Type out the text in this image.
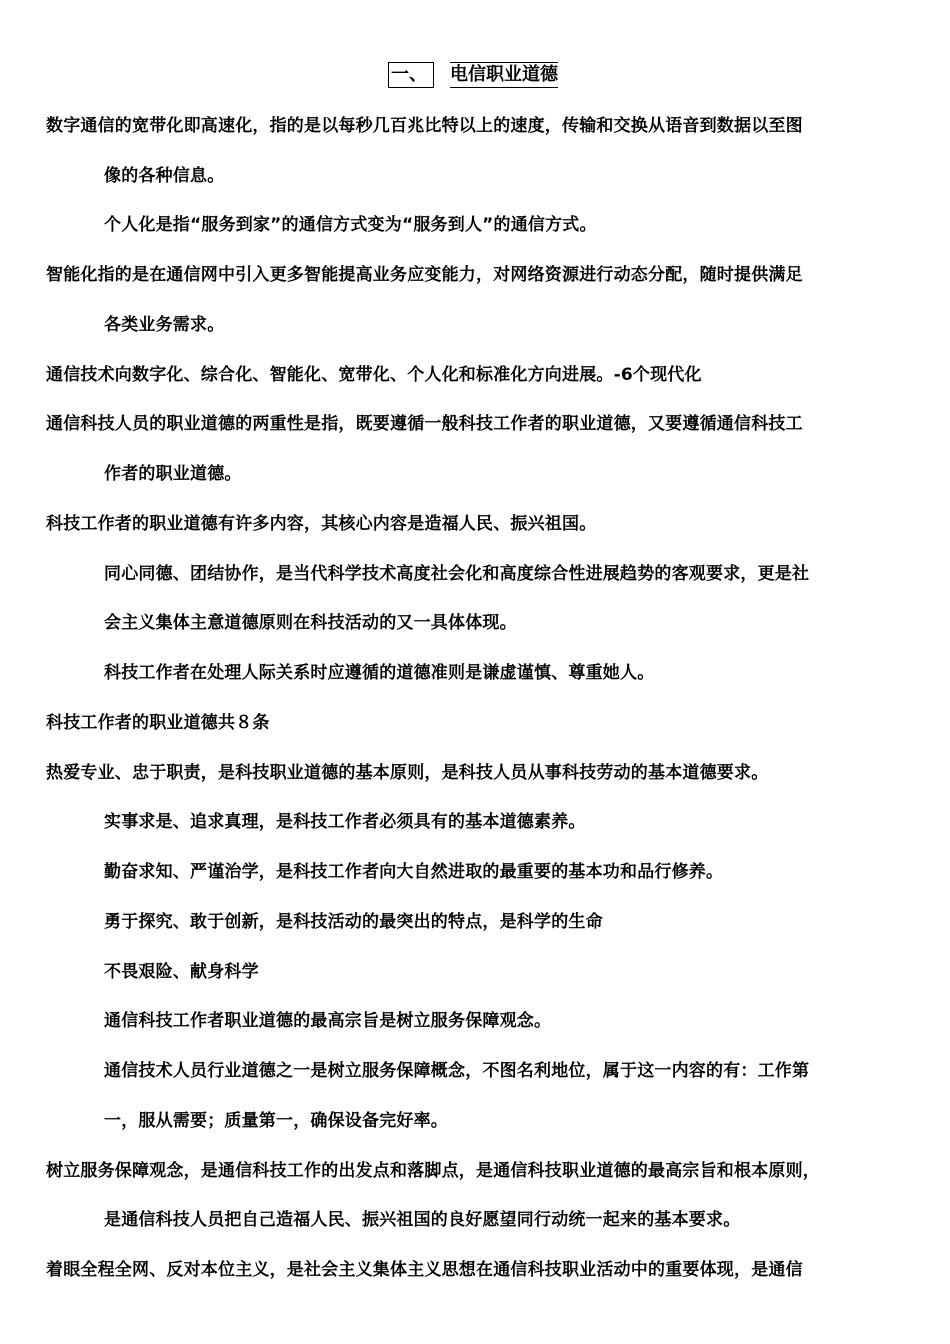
一、	电信职业道德
数字通信的宽带化即高速化，指的是以每秒几百兆比特以上的速度，传输和交换从语音到数据以至图
像的各种信息。
个人化是指“服务到家”的通信方式变为“服务到人”的通信方式。
智能化指的是在通信网中引入更多智能提高业务应变能力，对网络资源进行动态分配，随时提供满足
各类业务需求。
通信技术向数字化、综合化、智能化、宽带化、个人化和标准化方向进展。-6个现代化
通信科技人员的职业道德的两重性是指，既要遵循一般科技工作者的职业道德，又要遵循通信科技工
作者的职业道德。
科技工作者的职业道德有许多内容，其核心内容是造福人民、振兴祖国。
同心同德、团结协作，是当代科学技术高度社会化和高度综合性进展趋势的客观要求，更是社
会主义集体主意道德原则在科技活动的又一具体体现。
科技工作者在处理人际关系时应遵循的道德准则是谦虚谨慎、尊重她人。
科技工作者的职业道德共８条
热爱专业、忠于职责，是科技职业道德的基本原则，是科技人员从事科技劳动的基本道德要求。
实事求是、追求真理，是科技工作者必须具有的基本道德素养。
勤奋求知、严谨治学，是科技工作者向大自然进取的最重要的基本功和品行修养。
勇于探究、敢于创新，是科技活动的最突出的特点，是科学的生命
不畏艰险、献身科学
通信科技工作者职业道德的最高宗旨是树立服务保障观念。
通信技术人员行业道德之一是树立服务保障概念，不图名利地位，属于这一内容的有：工作第
一，服从需要；质量第一，确保设备完好率。
树立服务保障观念，是通信科技工作的出发点和落脚点，是通信科技职业道德的最高宗旨和根本原则，
是通信科技人员把自己造福人民、振兴祖国的良好愿望同行动统一起来的基本要求。
着眼全程全网、反对本位主义，是社会主义集体主义思想在通信科技职业活动中的重要体现，是通信
